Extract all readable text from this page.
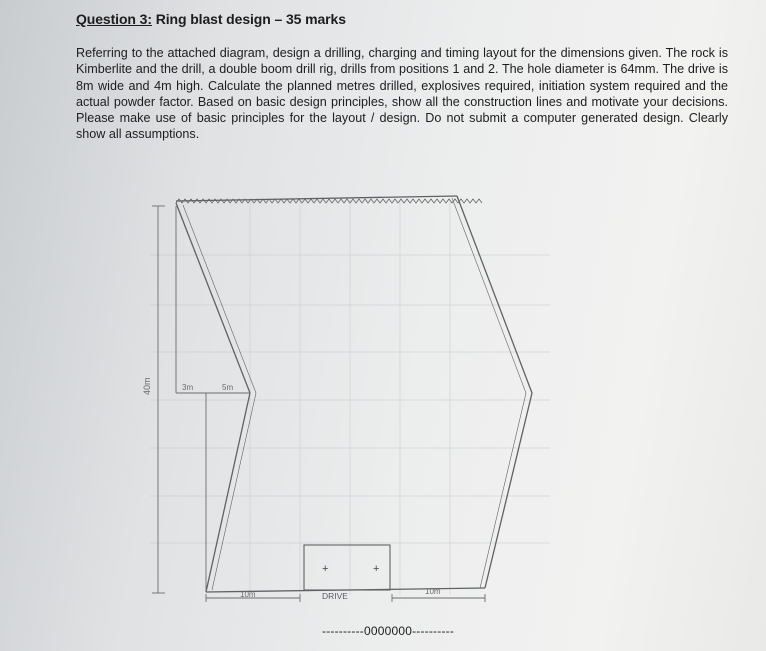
Question 3: Ring blast design – 35 marks
Referring to the attached diagram, design a drilling, charging and timing layout for the dimensions given. The rock is Kimberlite and the drill, a double boom drill rig, drills from positions 1 and 2. The hole diameter is 64mm. The drive is 8m wide and 4m high. Calculate the planned metres drilled, explosives required, initiation system required and the actual powder factor. Based on basic design principles, show all the construction lines and motivate your decisions. Please make use of basic principles for the layout / design. Do not submit a computer generated design. Clearly show all assumptions.
+	+
40m	3m	5m
10m	DRIVE	10m
----------0000000----------
